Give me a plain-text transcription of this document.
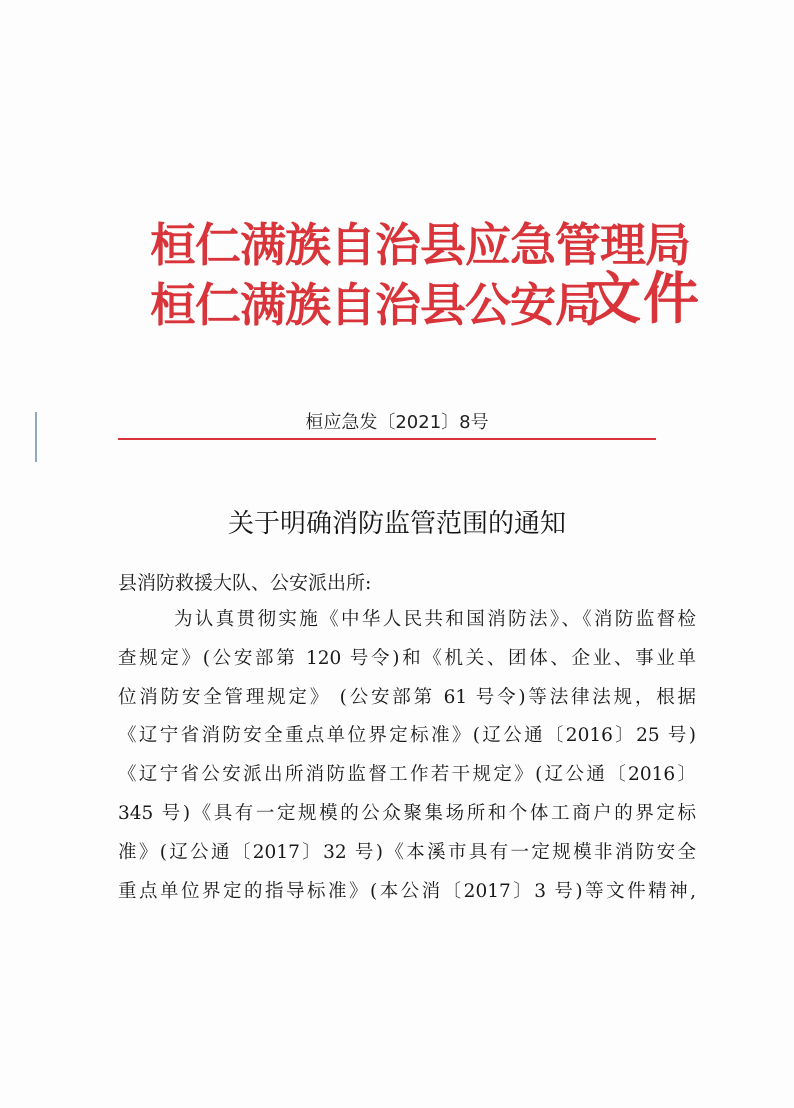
桓仁满族自治县应急管理局
桓仁满族自治县公安局
文件
桓应急发〔2021〕8号
关于明确消防监管范围的通知
县消防救援大队、公安派出所:
为认真贯彻实施《中华人民共和国消防法》、《消防监督检
查规定》(公安部第 120 号令)和《机关、团体、企业、事业单
位消防安全管理规定》 (公安部第 61 号令)等法律法规，根据
《辽宁省消防安全重点单位界定标准》(辽公通〔2016〕25 号)
《辽宁省公安派出所消防监督工作若干规定》(辽公通〔2016〕
345 号)《具有一定规模的公众聚集场所和个体工商户的界定标
准》(辽公通〔2017〕32 号)《本溪市具有一定规模非消防安全
重点单位界定的指导标准》(本公消〔2017〕3 号)等文件精神,
